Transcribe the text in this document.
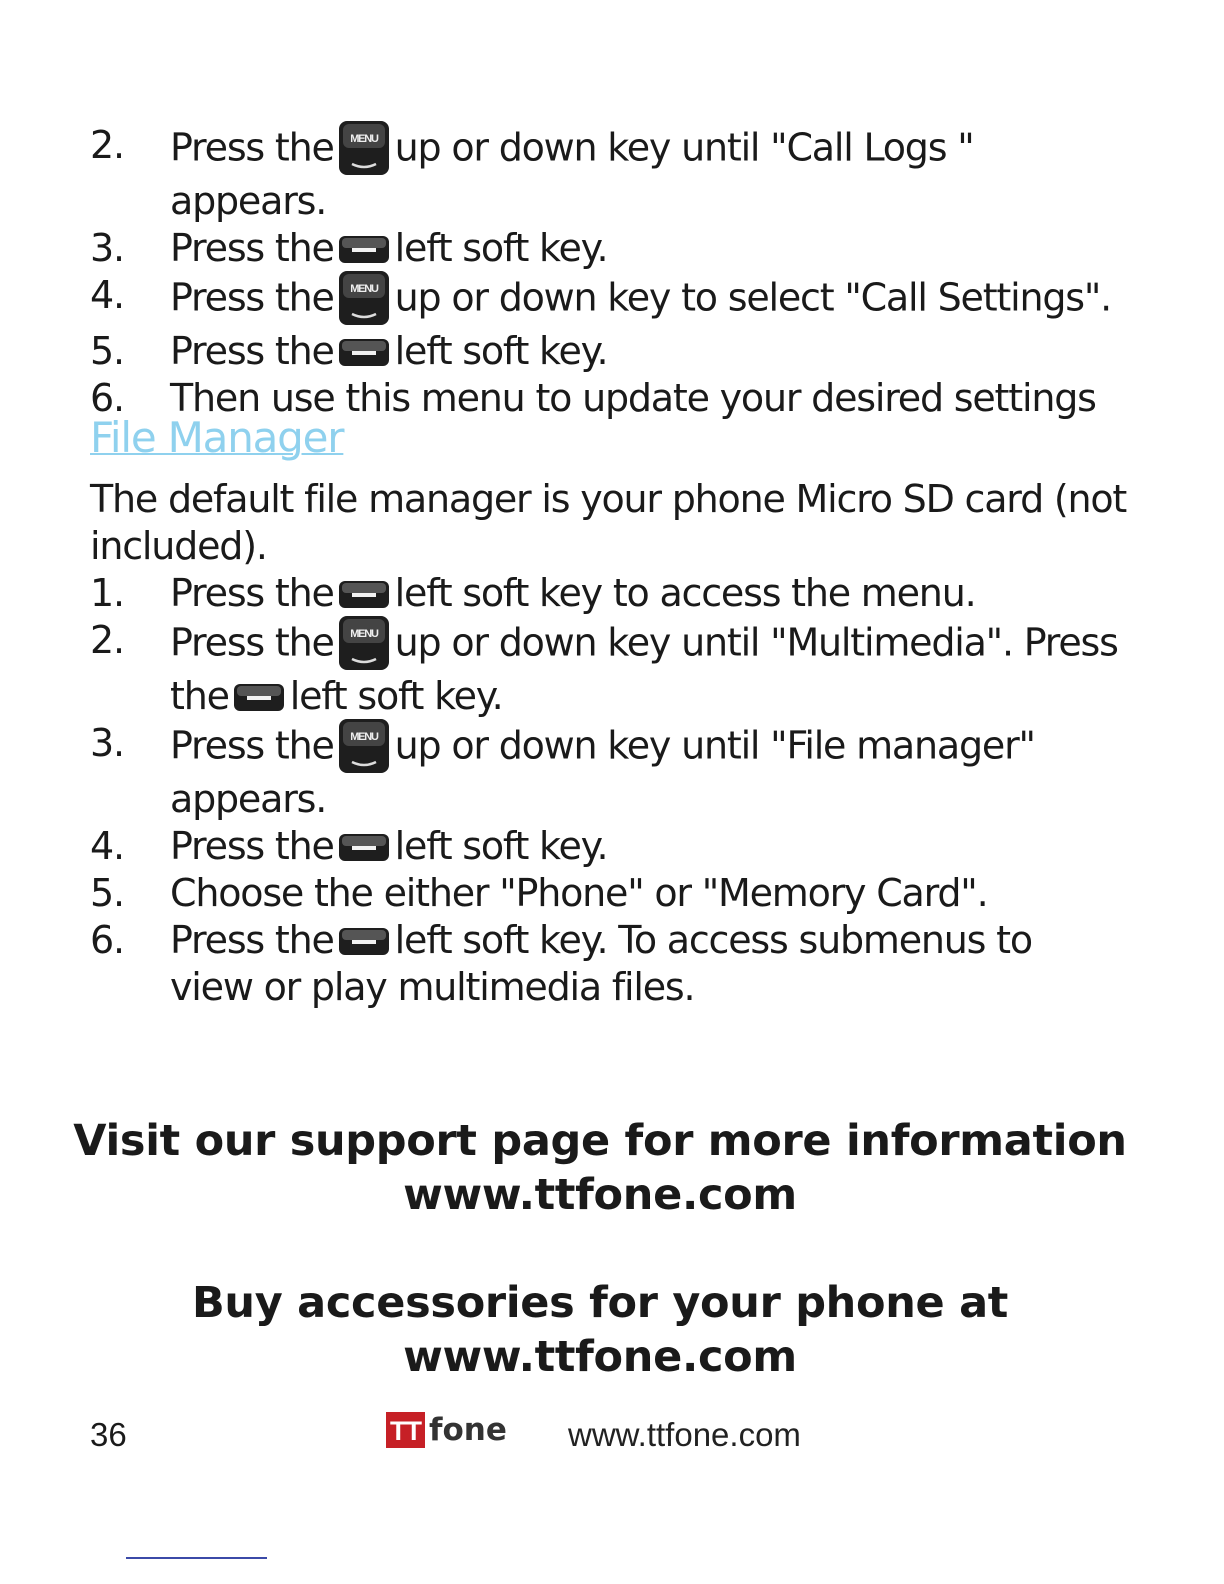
2.	Press the MENU up or down key until "Call Logs "
appears.
3.	Press the left soft key.
4.	Press the MENU up or down key to select "Call Settings".
5.	Press the left soft key.
6.	Then use this menu to update your desired settings
File Manager

The default file manager is your phone Micro SD card (not included).

1.	Press the left soft key to access the menu.
2.	Press the MENU up or down key until "Multimedia". Press
the left soft key.
3.	Press the MENU up or down key until "File manager"
appears.
4.	Press the left soft key.
5.	Choose the either "Phone" or "Memory Card".
6.	Press the left soft key. To access submenus to
view or play multimedia files.
Visit our support page for more information
www.ttfone.com
Buy accessories for your phone at
www.ttfone.com
36	TT fone www.ttfone.com
